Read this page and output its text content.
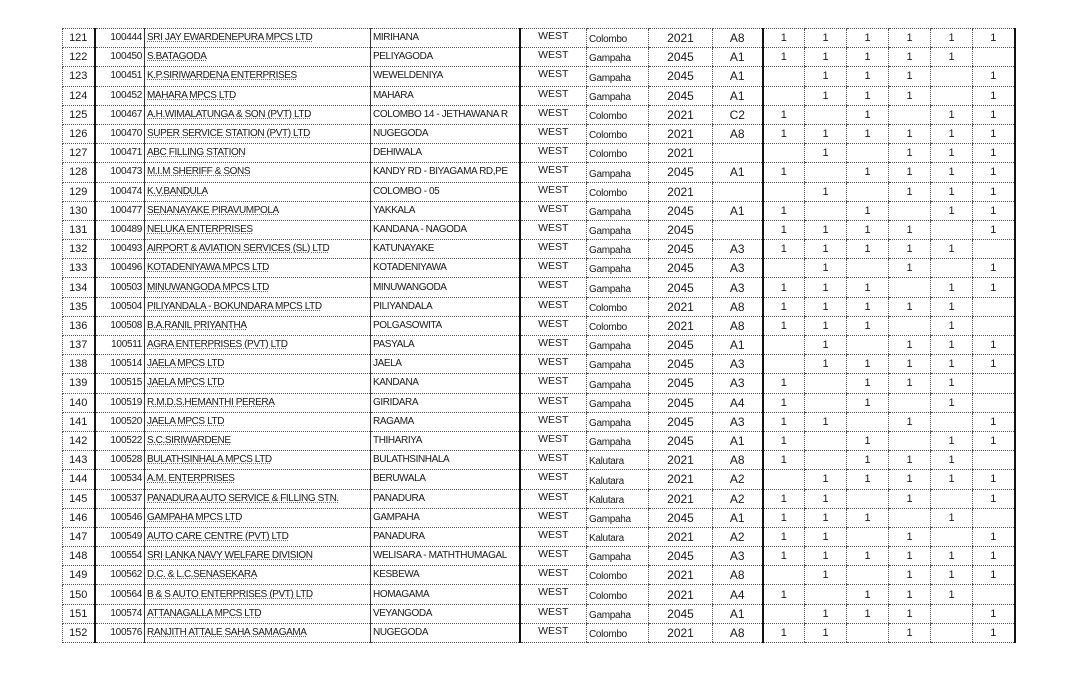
121	100444	SRI JAY EWARDENEPURA MPCS LTD	MIRIHANA	WEST	Colombo	2021	A8	1	1	1	1	1	1
122	100450	S.BATAGODA	PELIYAGODA	WEST	Gampaha	2045	A1	1	1	1	1	1	
123	100451	K.P.SIRIWARDENA ENTERPRISES	WEWELDENIYA	WEST	Gampaha	2045	A1		1	1	1		1
124	100452	MAHARA MPCS LTD	MAHARA	WEST	Gampaha	2045	A1		1	1	1		1
125	100467	A.H.WIMALATUNGA & SON (PVT) LTD	COLOMBO 14 - JETHAWANA R	WEST	Colombo	2021	C2	1		1		1	1
126	100470	SUPER SERVICE STATION (PVT) LTD	NUGEGODA	WEST	Colombo	2021	A8	1	1	1	1	1	1
127	100471	ABC FILLING STATION	DEHIWALA	WEST	Colombo	2021			1		1	1	1
128	100473	M.I.M SHERIFF & SONS	KANDY RD - BIYAGAMA RD,PE	WEST	Gampaha	2045	A1	1		1	1	1	1
129	100474	K.V.BANDULA	COLOMBO - 05	WEST	Colombo	2021			1		1	1	1
130	100477	SENANAYAKE PIRAVUMPOLA	YAKKALA	WEST	Gampaha	2045	A1	1		1		1	1
131	100489	NELUKA ENTERPRISES	KANDANA - NAGODA	WEST	Gampaha	2045		1	1	1	1		1
132	100493	AIRPORT & AVIATION SERVICES (SL) LTD	KATUNAYAKE	WEST	Gampaha	2045	A3	1	1	1	1	1	
133	100496	KOTADENIYAWA MPCS LTD	KOTADENIYAWA	WEST	Gampaha	2045	A3		1		1		1
134	100503	MINUWANGODA MPCS LTD	MINUWANGODA	WEST	Gampaha	2045	A3	1	1	1		1	1
135	100504	PILIYANDALA - BOKUNDARA MPCS LTD	PILIYANDALA	WEST	Colombo	2021	A8	1	1	1	1	1	
136	100508	B.A.RANIL PRIYANTHA	POLGASOWITA	WEST	Colombo	2021	A8	1	1	1		1	
137	100511	AGRA ENTERPRISES (PVT) LTD	PASYALA	WEST	Gampaha	2045	A1		1		1	1	1
138	100514	JAELA MPCS LTD	JAELA	WEST	Gampaha	2045	A3		1	1	1	1	1
139	100515	JAELA MPCS LTD	KANDANA	WEST	Gampaha	2045	A3	1		1	1	1	
140	100519	R.M.D.S.HEMANTHI PERERA	GIRIDARA	WEST	Gampaha	2045	A4	1		1		1	
141	100520	JAELA MPCS LTD	RAGAMA	WEST	Gampaha	2045	A3	1	1		1		1
142	100522	S.C.SIRIWARDENE	THIHARIYA	WEST	Gampaha	2045	A1	1		1		1	1
143	100528	BULATHSINHALA MPCS LTD	BULATHSINHALA	WEST	Kalutara	2021	A8	1		1	1	1	
144	100534	A.M. ENTERPRISES	BERUWALA	WEST	Kalutara	2021	A2		1	1	1	1	1
145	100537	PANADURA AUTO SERVICE & FILLING STN.	PANADURA	WEST	Kalutara	2021	A2	1	1		1		1
146	100546	GAMPAHA MPCS LTD	GAMPAHA	WEST	Gampaha	2045	A1	1	1	1		1	
147	100549	AUTO CARE CENTRE (PVT) LTD	PANADURA	WEST	Kalutara	2021	A2	1	1		1		1
148	100554	SRI LANKA NAVY WELFARE DIVISION	WELISARA - MATHTHUMAGAL	WEST	Gampaha	2045	A3	1	1	1	1	1	1
149	100562	D.C. & L.C.SENASEKARA	KESBEWA	WEST	Colombo	2021	A8		1		1	1	1
150	100564	B & S AUTO ENTERPRISES (PVT) LTD	HOMAGAMA	WEST	Colombo	2021	A4	1		1	1	1	
151	100574	ATTANAGALLA MPCS LTD	VEYANGODA	WEST	Gampaha	2045	A1		1	1	1		1
152	100576	RANJITH ATTALE SAHA SAMAGAMA	NUGEGODA	WEST	Colombo	2021	A8	1	1		1		1
